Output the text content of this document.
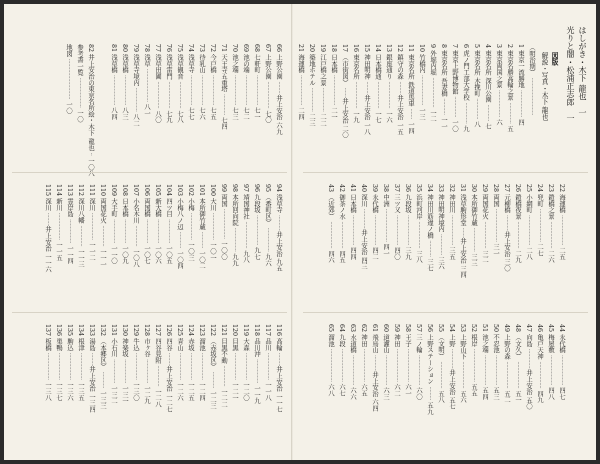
66 上野公園 ·········井上安治 六九
67 上野公園 ·················· 七〇
68 七軒町 ···················· 七一
69 池の端 ···················· 七二
70 池之端 ···················· 七三
71 天王寺五重塔 ·············· 七四
72 今戸橋 ···················· 七五
73 待乳山 ···················· 七六
74 浅草寺 ···················· 七七
75 浅草観音 ·················· 七八
76 浅草雷門 ·················· 七九
77 浅草田圃 ·················· 八〇
78 浅草 ······················ 八一
79 浅草寺境内 ················ 八二
80 浅草橋 ···················· 八三
81 浅草橋 ···················· 八四
82 井上安治の東京名所絵・木下 龍也 ·· 一〇八
参考書一覧 ···················· 一〇
地図 ··························· 一〇
94 浅草寺 ···········井上安治 九五
95 （番町区） ················ 九六
96 九段坂 ···················· 九七
97 靖国神社 ·················· 九八
98 本所回向院 ················ 九九
99 両国 ···················· 一〇〇
100 大川 ·················· 一〇一
101 本所御竹蔵 ··········· 一〇二
102 小梅 ·················· 一〇三
103 小梅八ノ辺 ··········· 一〇四
104 四ツ目 ················ 一〇五
105 新大橋 ················ 一〇六
106 両国橋 ················ 一〇七
107 小名木川 ·············· 一〇八
108 日本橋 ················ 一〇九
109 大手町 ················ 一一〇
110 両国花火 ·············· 一一一
111 深川 ·················· 一一二
112 深川八幡 ·············· 一一三
113 霊岸島 ················ 一一四
114 新川 ·················· 一一五
115 深川 ·········井上安治 一一六
116 高輪 ·········井上安治 一一七
117 品川 ·················· 一一八
118 品川沖 ················ 一一九
119 大森 ·················· 一二〇
120 目黒 ·················· 一二一
121 目黒不動 ·············· 一二二
122 （赤坂区） ··········· 一二三
123 溜池 ·················· 一二四
124 赤坂 ·················· 一二五
125 青山 ·················· 一二六
126 四谷 ·········井上安治 一二七
127 四谷見附 ·············· 一二八
128 市ヶ谷 ················ 一二九
129 牛込 ·················· 一三〇
130 神楽坂 ················ 一三一
131 小石川 ················ 一三二
132 （本郷区） ··········· 一三三
133 湯島 ·········井上安治 一三四
134 根津 ·················· 一三五
135 駒込 ·················· 一三六
136 巣鴨 ·················· 一三七
137 板橋 ·················· 一三八
はしがき・木下 龍也　一
光りと闇・松浦正志郎　一
図版
解説・写真・木下 龍也
（明治期） ·························
1 東京一流勝地 ·················· 四
2 東京名勝高輪之景 ·············· 五
3 東京両国之景 ·················· 六
4 東京名所 深川公園 ··········· 七
5 東京名所 木挽町 ·············· 八
6 虎ノ門工部大学校 ·············· 九
7 東京上野博物館 ·············· 一〇
8 東京名所 吾妻橋 ··········· 一一
9 外堀内堀 ···················· 一二
10 竹橋内 ···················· 一三
11 東京名所 鉄道馬車 ······· 一四
12 鎮守の森 ·········井上安治 一五
13 銀座通り ·················· 一六
14 日本橋通 ·················· 一七
15 神田明神 ·········井上安治 一八
16 東京名所 ·················· 一九
17 （市街図） ·······井上安治 二〇
18 日本橋 ···················· 二一
19 江戸橋之景 ················ 二二
20 築地ホテル ················ 二三
21 海運橋 ···················· 二四
22 海運橋 ···················· 二五
23 鎧橋之景 ·················· 二六
24 兜町 ······················ 二七
25 小網町 ···················· 二八
26 鎧橋夜景 ·················· 二九
27 元柳橋 ···········井上安治 三〇
28 両国 ······················ 三一
29 両国花火 ·················· 三二
30 本所御竹蔵 ················ 三三
31 浅草駒形堂 ·······井上安治 三四
32 神田川 ···················· 三五
33 神田明神境内 ·············· 三六
34 神田川筋違ノ橋 ··········· 三七
35 浜町河岸 ·················· 三八
36 九段坂 ···················· 三九
37 三ツ又 ···················· 四〇
38 中洲 ······················ 四一
39 永代橋 ···················· 四二
40 深川 ··············井上安治 四三
41 日本橋 ···················· 四四
42 御茶ノ水 ·················· 四五
43 （近郊） ·················· 四六
44 永代橋 ···················· 四七
45 梅屋敷 ···················· 四八
46 亀戸天神 ·················· 四九
47 向島 ··············井上安治 五〇
48 （文久） ·················· 五一
49 上野の森 ·················· 五二
50 不忍池 ···················· 五三
51 池之端 ···················· 五四
52 根岸 ······················ 五五
53 上野山下 ·················· 五六
54 上野 ··············井上安治 五七
55 （文明） ·················· 五八
56 上野ステーション ········· 五九
57 三ノ輪 ···················· 六〇
58 王子 ······················ 六一
59 神田 ······················ 六二
60 道灌山 ···················· 六三
61 飛鳥山 ···········井上安治 六四
62 神田 ······················ 六五
63 水道橋 ···················· 六六
64 九段 ······················ 六七
65 溜池 ······················ 六八
